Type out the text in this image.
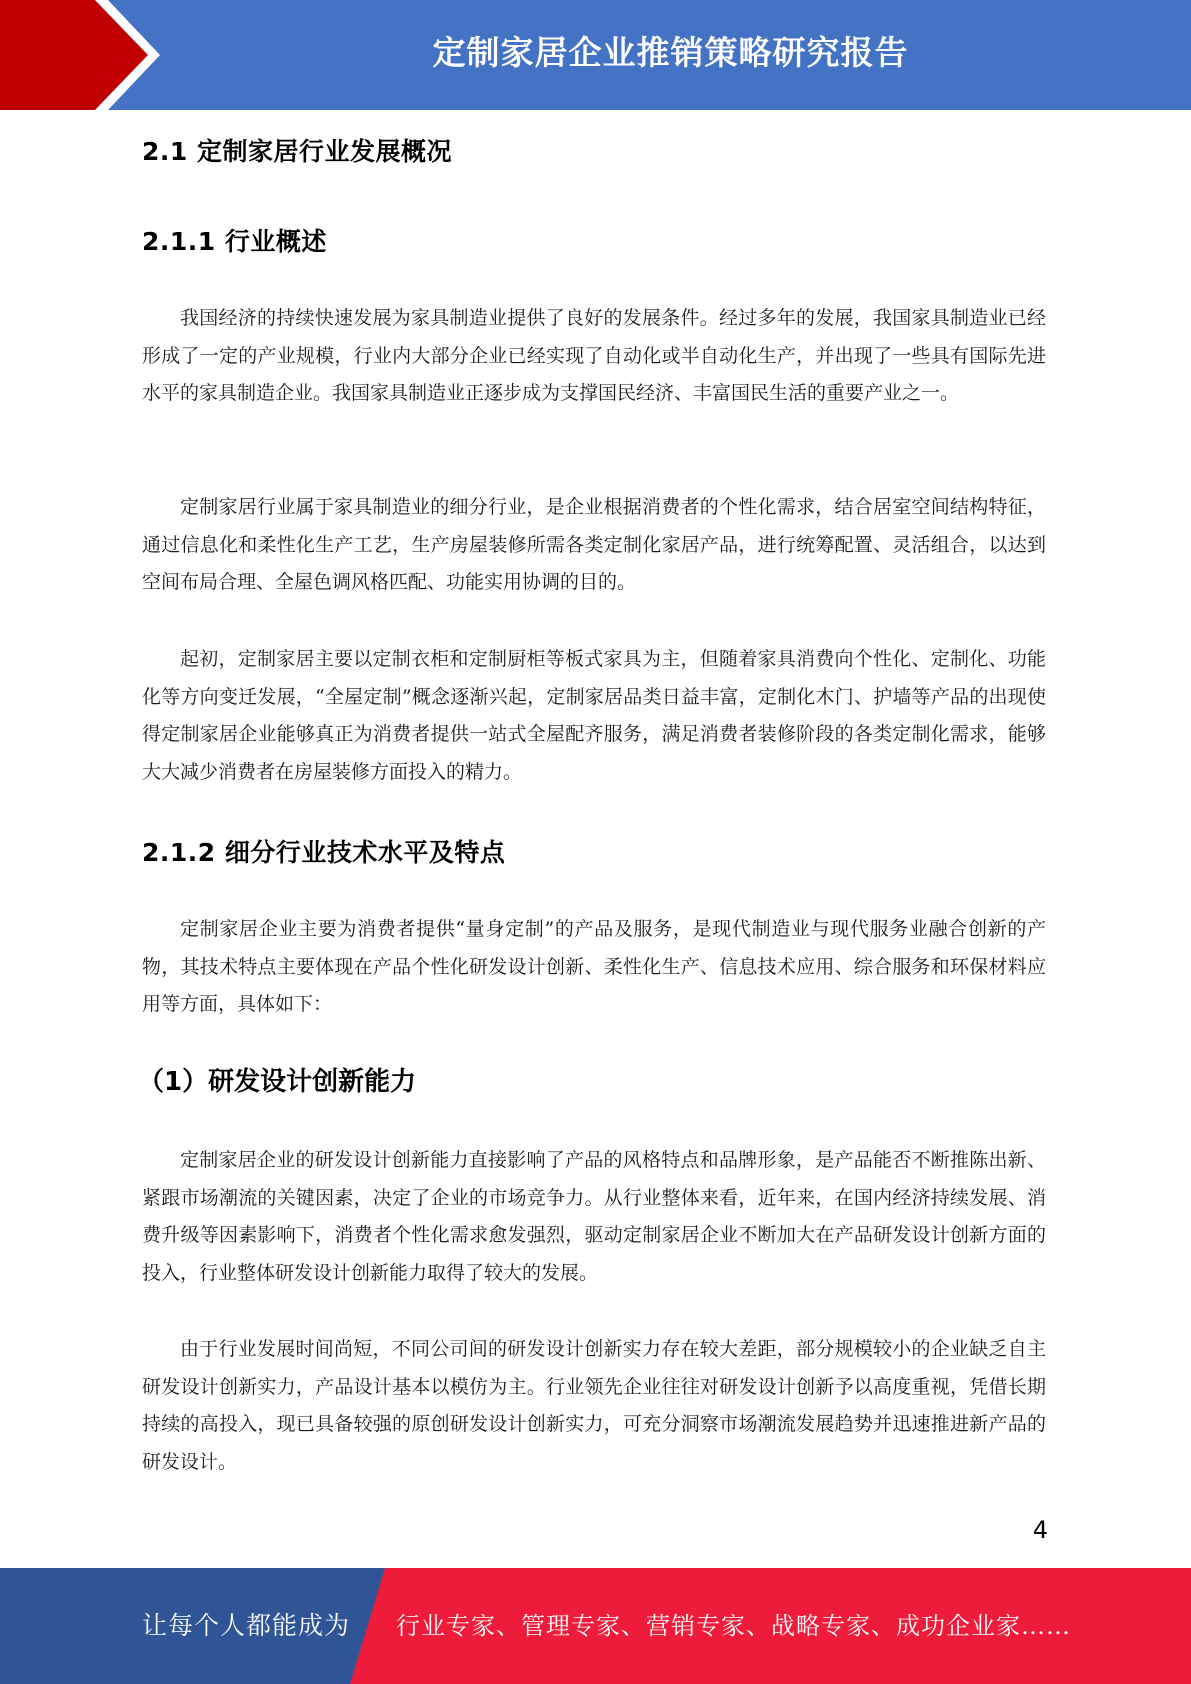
定制家居企业推销策略研究报告
2.1 定制家居行业发展概况
2.1.1 行业概述

我国经济的持续快速发展为家具制造业提供了良好的发展条件。经过多年的发展，我国家具制造业已经形成了一定的产业规模，行业内大部分企业已经实现了自动化或半自动化生产，并出现了一些具有国际先进水平的家具制造企业。我国家具制造业正逐步成为支撑国民经济、丰富国民生活的重要产业之一。

定制家居行业属于家具制造业的细分行业，是企业根据消费者的个性化需求，结合居室空间结构特征，通过信息化和柔性化生产工艺，生产房屋装修所需各类定制化家居产品，进行统筹配置、灵活组合，以达到空间布局合理、全屋色调风格匹配、功能实用协调的目的。

起初，定制家居主要以定制衣柜和定制厨柜等板式家具为主，但随着家具消费向个性化、定制化、功能化等方向变迁发展，“全屋定制”概念逐渐兴起，定制家居品类日益丰富，定制化木门、护墙等产品的出现使得定制家居企业能够真正为消费者提供一站式全屋配齐服务，满足消费者装修阶段的各类定制化需求，能够大大减少消费者在房屋装修方面投入的精力。

2.1.2 细分行业技术水平及特点

定制家居企业主要为消费者提供“量身定制”的产品及服务，是现代制造业与现代服务业融合创新的产物，其技术特点主要体现在产品个性化研发设计创新、柔性化生产、信息技术应用、综合服务和环保材料应用等方面，具体如下：

（1）研发设计创新能力

定制家居企业的研发设计创新能力直接影响了产品的风格特点和品牌形象，是产品能否不断推陈出新、紧跟市场潮流的关键因素，决定了企业的市场竞争力。从行业整体来看，近年来，在国内经济持续发展、消费升级等因素影响下，消费者个性化需求愈发强烈，驱动定制家居企业不断加大在产品研发设计创新方面的投入，行业整体研发设计创新能力取得了较大的发展。

由于行业发展时间尚短，不同公司间的研发设计创新实力存在较大差距，部分规模较小的企业缺乏自主研发设计创新实力，产品设计基本以模仿为主。行业领先企业往往对研发设计创新予以高度重视，凭借长期持续的高投入，现已具备较强的原创研发设计创新实力，可充分洞察市场潮流发展趋势并迅速推进新产品的研发设计。

4
让每个人都能成为 行业专家、管理专家、营销专家、战略专家、成功企业家……
